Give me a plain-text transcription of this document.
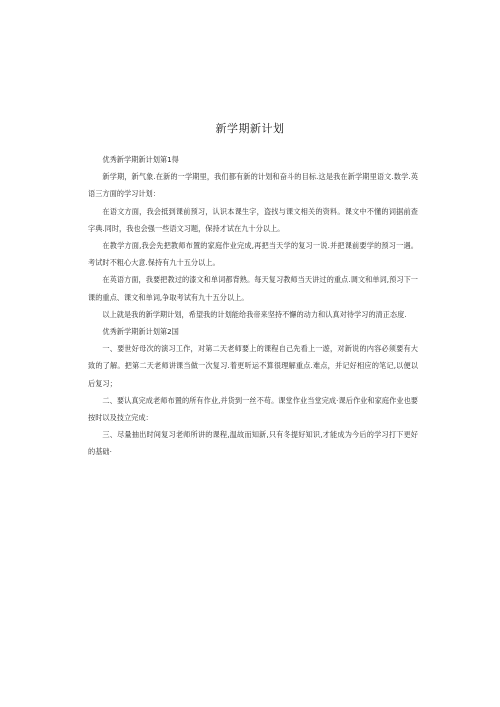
新学期新计划

优秀新学期新计划第1得

新学期，新气象.在新的一学期里，我们都有新的计划和奋斗的目标.这是我在新学期里语文.数学.英语三方面的学习计划：

在语文方面，我会抵到课前预习，认识本课生字，盗找与课文相关的资料。课文中不懂的词据前查字典.同时，我也会强一些语文习题，保持才试在九十分以上。

在教学方面,我会先把教师布置的家庭作业完成,再把当天学的复习一说.并把课前要学的预习一遇。考试时不粗心大意.保持有九十五分以上。

在英语方面，我要把教过的漆文和单词都背熟。每天复习教师当天讲过的重点.调文和单词,预习下一课的重点、课文和单词,争取考试有九十五分以上。

以上就是我的新学期计划，希望我的计划能给我帝来坚持不懈的动力和认真对待学习的清正态度.

优秀新学期新计划第2国

一、要世好母次的演习工作，对第二天老师要上的课程自己先看上一遊，对新说的内容必须要有大致的了解。把第二天老师讲课当做一次复习.着更听运不算很理解重点.难点，并记好相应的笔记,以便以后复习；

二、要认真完成老师布置的所有作业,并货到一丝不苟。课堂作业当堂完成·课后作业和家庭作业也要按时以及技立完成：

三、尽量抽出时间复习老师所讲的课程,温故而知新,只有冬提好知识,才能成为今后的学习打下更好的基础·
